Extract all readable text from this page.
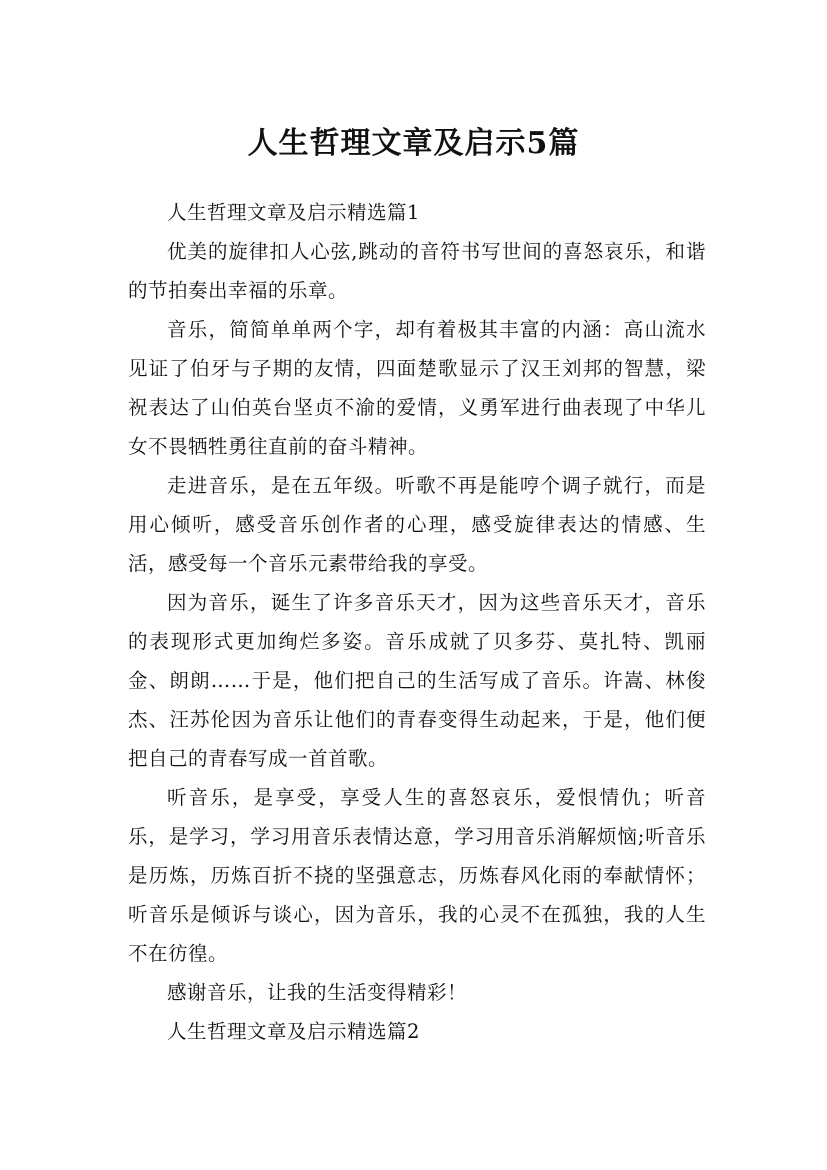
人生哲理文章及启示5篇

人生哲理文章及启示精选篇1

优美的旋律扣人心弦,跳动的音符书写世间的喜怒哀乐，和谐的节拍奏出幸福的乐章。

音乐，简简单单两个字，却有着极其丰富的内涵：高山流水见证了伯牙与子期的友情，四面楚歌显示了汉王刘邦的智慧，梁祝表达了山伯英台坚贞不渝的爱情，义勇军进行曲表现了中华儿女不畏牺牲勇往直前的奋斗精神。

走进音乐，是在五年级。听歌不再是能哼个调子就行，而是用心倾听，感受音乐创作者的心理，感受旋律表达的情感、生活，感受每一个音乐元素带给我的享受。

因为音乐，诞生了许多音乐天才，因为这些音乐天才，音乐的表现形式更加绚烂多姿。音乐成就了贝多芬、莫扎特、凯丽金、朗朗……于是，他们把自己的生活写成了音乐。许嵩、林俊杰、汪苏伦因为音乐让他们的青春变得生动起来，于是，他们便把自己的青春写成一首首歌。

听音乐，是享受，享受人生的喜怒哀乐，爱恨情仇；听音乐，是学习，学习用音乐表情达意，学习用音乐消解烦恼;听音乐是历炼，历炼百折不挠的坚强意志，历炼春风化雨的奉献情怀；听音乐是倾诉与谈心，因为音乐，我的心灵不在孤独，我的人生不在彷徨。

感谢音乐，让我的生活变得精彩！

人生哲理文章及启示精选篇2
